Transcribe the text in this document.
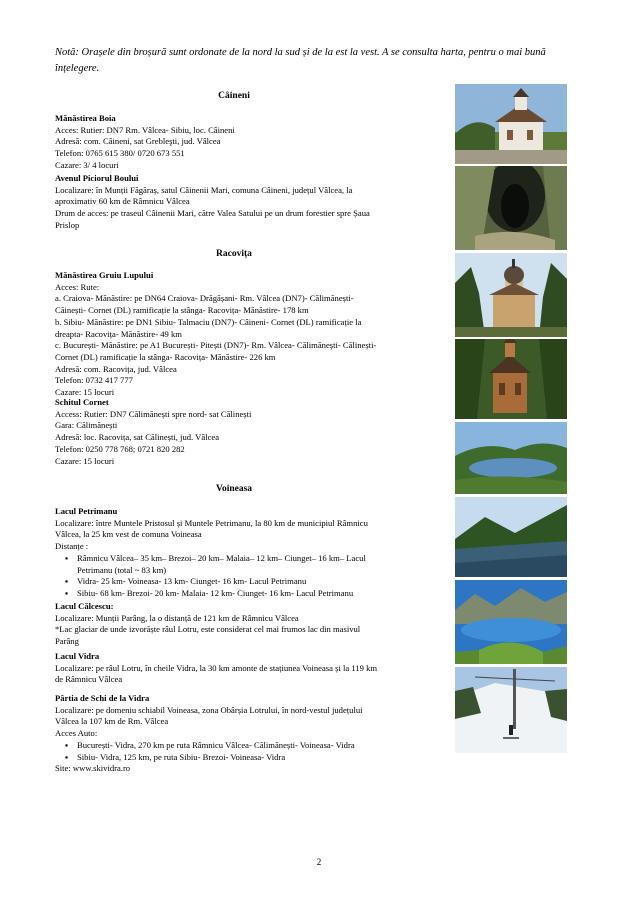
Notă: Orașele din broșură sunt ordonate de la nord la sud și de la est la vest. A se consulta harta, pentru o mai bună
înțelegere.
Câineni
Mănăstirea Boia
Acces: Rutier: DN7 Rm. Vâlcea- Sibiu, loc. Câineni
Adresă: com. Câineni, sat Grebleşti, jud. Vâlcea
Telefon: 0765 615 380/ 0720 673 551
Cazare: 3/ 4 locuri
Avenul Piciorul Boului
Localizare: în Munții Făgăraș, satul Câinenii Mari, comuna Câineni, județul Vâlcea, la
aproximativ 60 km de Râmnicu Vâlcea
Drum de acces: pe traseul Câinenii Mari, către Valea Satului pe un drum forestier spre Șaua
Prislop
Racovița
Mănăstirea Gruiu Lupului
Acces: Rute:
a. Craiova- Mănăstire: pe DN64 Craiova- Drăgășani- Rm. Vâlcea (DN7)- Călimănești-
Căinești- Cornet (DL) ramificație la stânga- Racovița- Mănăstire- 178 km
b. Sibiu- Mănăstire: pe DN1 Sibiu- Talmaciu (DN7)- Câineni- Cornet (DL) ramificație la
dreapta- Racovița- Mănăstire- 49 km
c. București- Mănăstire: pe A1 București- Pitești (DN7)- Rm. Vâlcea- Călimănești- Călinești-
Cornet (DL) ramificație la stânga- Racovița- Mănăstire- 226 km
Adresă: com. Racovița, jud. Vâlcea
Telefon: 0732 417 777
Cazare: 15 locuri
Schitul Cornet
Access: Rutier: DN7 Călimănești spre nord- sat Călinești
Gara: Călimănești
Adresă: loc. Racovița, sat Călinești, jud. Vâlcea
Telefon: 0250 778 768; 0721 820 282
Cazare: 15 locuri
Voineasa
Lacul Petrimanu
Localizare: între Muntele Pristosul și Muntele Petrimanu, la 80 km de municipiul Râmnicu
Vâlcea, la 25 km vest de comuna Voineasa
Distanțe :
▪ Râmnicu Vâlcea– 35 km– Brezoi– 20 km– Malaia– 12 km– Ciunget– 16 km– Lacul
Petrimanu (total ~ 83 km)
▪ Vidra- 25 km- Voineasa- 13 km- Ciunget- 16 km- Lacul Petrimanu
▪ Sibiu- 68 km- Brezoi- 20 km- Malaia- 12 km- Ciunget- 16 km- Lacul Petrimanu
Lacul Călcescu:
Localizare: Munții Parâng, la o distanță de 121 km de Râmnicu Vâlcea
*Lac glaciar de unde izvorăște râul Lotru, este considerat cel mai frumos lac din masivul
Parâng
Lacul Vidra
Localizare: pe râul Lotru, în cheile Vidra, la 30 km amonte de stațiunea Voineasa și la 119 km
de Râmnicu Vâlcea
Pârtia de Schi de la Vidra
Localizare: pe domeniu schiabil Voineasa, zona Obârșia Lotrului, în nord-vestul județului
Vâlcea la 107 km de Rm. Vâlcea
Acces Auto:
▪ București- Vidra, 270 km pe ruta Râmnicu Vâlcea- Călimănești- Voineasa- Vidra
▪ Sibiu- Vidra, 125 km, pe ruta Sibiu- Brezoi- Voineasa- Vidra
Site: www.skividra.ro
2
